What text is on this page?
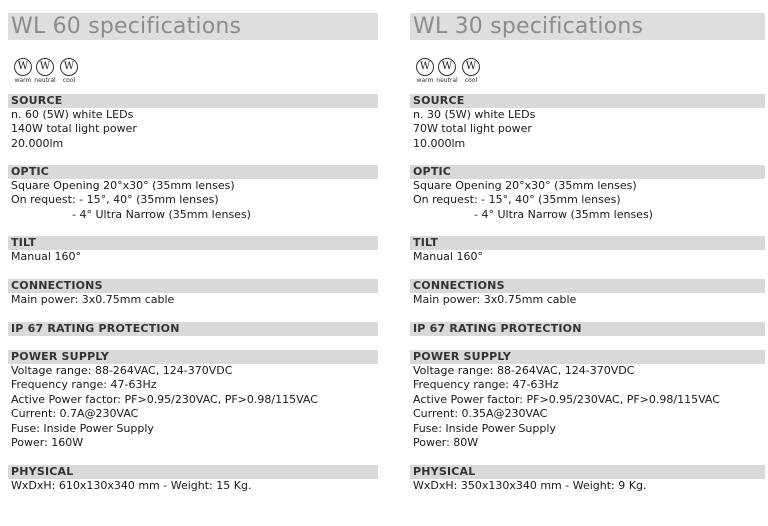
WL 60 specifications
W
warm
W
neutral
W
cool
SOURCE
n. 60 (5W) white LEDs
140W total light power
20.000lm
OPTIC
Square Opening 20°x30° (35mm lenses)
On request: - 15°, 40° (35mm lenses)
- 4° Ultra Narrow (35mm lenses)
TILT
Manual 160°
CONNECTIONS
Main power: 3x0.75mm cable
IP 67 RATING PROTECTION
POWER SUPPLY
Voltage range: 88-264VAC, 124-370VDC
Frequency range: 47-63Hz
Active Power factor: PF>0.95/230VAC, PF>0.98/115VAC
Current: 0.7A@230VAC
Fuse: Inside Power Supply
Power: 160W
PHYSICAL
WxDxH: 610x130x340 mm - Weight: 15 Kg.
WL 30 specifications
W
warm
W
neutral
W
cool
SOURCE
n. 30 (5W) white LEDs
70W total light power
10.000lm
OPTIC
Square Opening 20°x30° (35mm lenses)
On request: - 15°, 40° (35mm lenses)
- 4° Ultra Narrow (35mm lenses)
TILT
Manual 160°
CONNECTIONS
Main power: 3x0.75mm cable
IP 67 RATING PROTECTION
POWER SUPPLY
Voltage range: 88-264VAC, 124-370VDC
Frequency range: 47-63Hz
Active Power factor: PF>0.95/230VAC, PF>0.98/115VAC
Current: 0.35A@230VAC
Fuse: Inside Power Supply
Power: 80W
PHYSICAL
WxDxH: 350x130x340 mm - Weight: 9 Kg.
